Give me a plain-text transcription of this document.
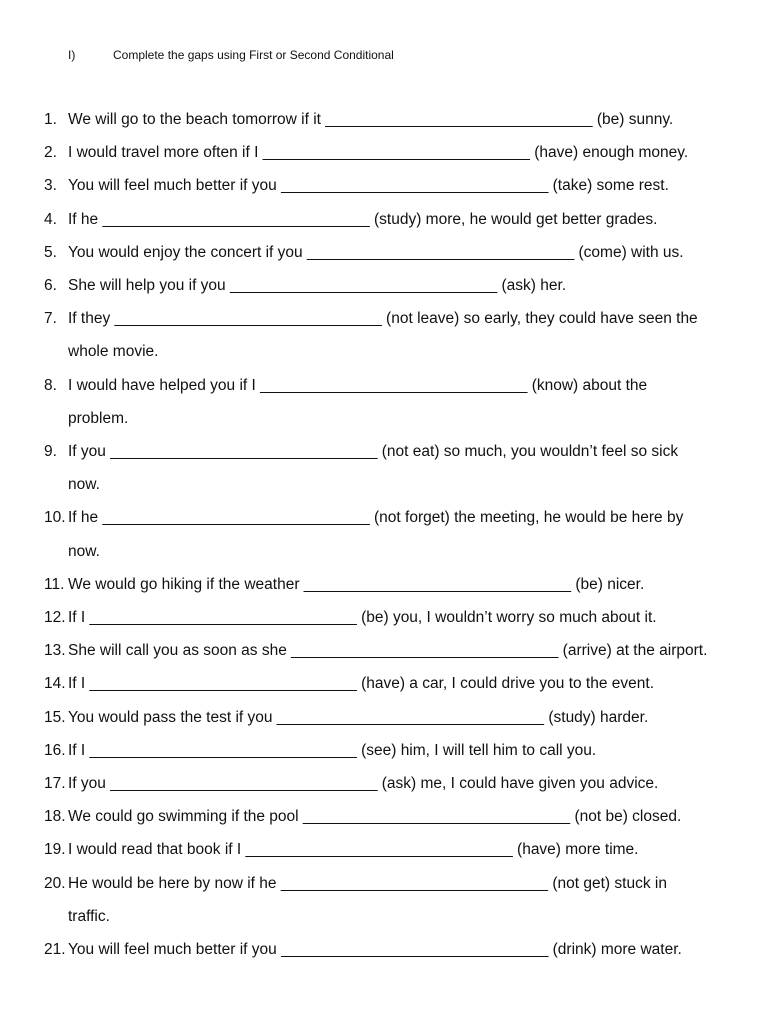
I)	Complete the gaps using First or Second Conditional
1. We will go to the beach tomorrow if it _______________________________ (be) sunny.
2. I would travel more often if I _______________________________ (have) enough money.
3. You will feel much better if you _______________________________ (take) some rest.
4. If he _______________________________ (study) more, he would get better grades.
5. You would enjoy the concert if you _______________________________ (come) with us.
6. She will help you if you _______________________________ (ask) her.
7. If they _______________________________ (not leave) so early, they could have seen the
whole movie.
8. I would have helped you if I _______________________________ (know) about the
problem.
9. If you _______________________________ (not eat) so much, you wouldn’t feel so sick
now.
10. If he _______________________________ (not forget) the meeting, he would be here by
now.
11. We would go hiking if the weather _______________________________ (be) nicer.
12. If I _______________________________ (be) you, I wouldn’t worry so much about it.
13. She will call you as soon as she _______________________________ (arrive) at the airport.
14. If I _______________________________ (have) a car, I could drive you to the event.
15. You would pass the test if you _______________________________ (study) harder.
16. If I _______________________________ (see) him, I will tell him to call you.
17. If you _______________________________ (ask) me, I could have given you advice.
18. We could go swimming if the pool _______________________________ (not be) closed.
19. I would read that book if I _______________________________ (have) more time.
20. He would be here by now if he _______________________________ (not get) stuck in
traffic.
21. You will feel much better if you _______________________________ (drink) more water.
